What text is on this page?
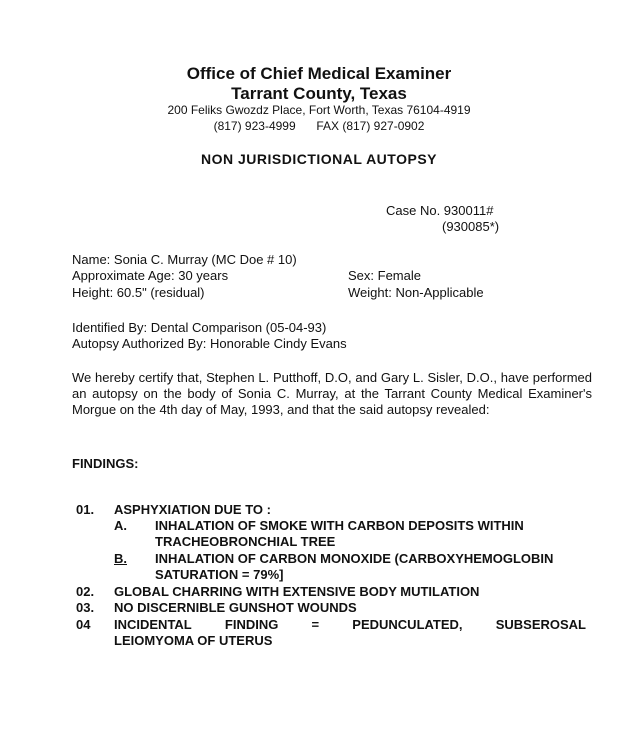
Office of Chief Medical Examiner
Tarrant County, Texas
200 Feliks Gwozdz Place, Fort Worth, Texas 76104-4919
(817) 923-4999 FAX (817) 927-0902
NON JURISDICTIONAL AUTOPSY
Case No. 930011#
(930085*)
Name: Sonia C. Murray (MC Doe # 10)
Approximate Age: 30 years	Sex: Female
Height: 60.5" (residual)	Weight: Non-Applicable
Identified By: Dental Comparison (05-04-93)
Autopsy Authorized By: Honorable Cindy Evans
We hereby certify that, Stephen L. Putthoff, D.O, and Gary L. Sisler, D.O., have performed an autopsy on the body of Sonia C. Murray, at the Tarrant County Medical Examiner's Morgue on the 4th day of May, 1993, and that the said autopsy revealed:
FINDINGS:
01. ASPHYXIATION DUE TO :
A. INHALATION OF SMOKE WITH CARBON DEPOSITS WITHIN
TRACHEOBRONCHIAL TREE
B. INHALATION OF CARBON MONOXIDE (CARBOXYHEMOGLOBIN
SATURATION = 79%]
02. GLOBAL CHARRING WITH EXTENSIVE BODY MUTILATION
03. NO DISCERNIBLE GUNSHOT WOUNDS
04 INCIDENTAL	FINDING	=	PEDUNCULATED,	SUBSEROSAL
LEIOMYOMA OF UTERUS
